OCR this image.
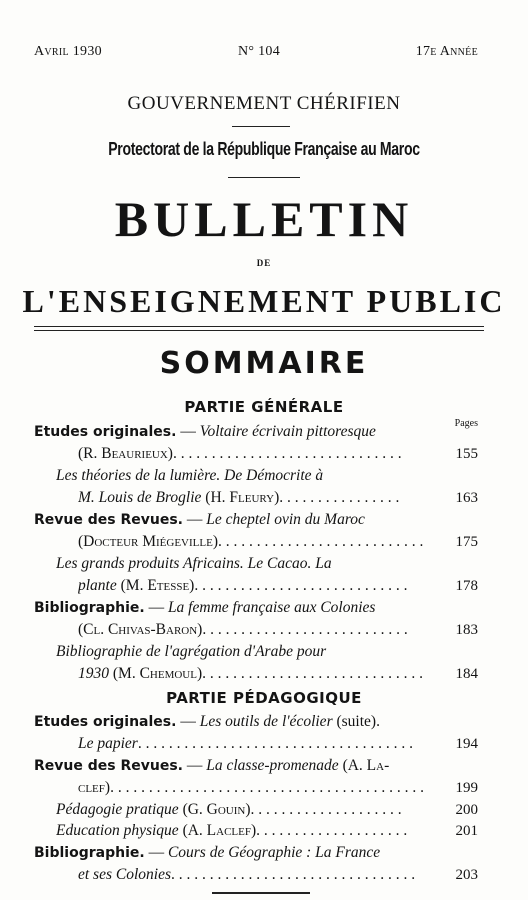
Avril 1930	N° 104	17e Année
GOUVERNEMENT CHÉRIFIEN
Protectorat de la République Française au Maroc
BULLETIN
DE
L'ENSEIGNEMENT PUBLIC
SOMMAIRE
PARTIE GÉNÉRALE
Pages
Etudes originales. — Voltaire écrivain pittoresque
(R. Beaurieux). . . . . . . . . . . . . . . . . . . . . . . . . . . . . .	155
Les théories de la lumière. De Démocrite à
M. Louis de Broglie (H. Fleury). . . . . . . . . . . . . . . .	163
Revue des Revues. — Le cheptel ovin du Maroc
(Docteur Miégeville). . . . . . . . . . . . . . . . . . . . . . . . . . .	175
Les grands produits Africains. Le Cacao. La
plante (M. Etesse). . . . . . . . . . . . . . . . . . . . . . . . . . . .	178
Bibliographie. — La femme française aux Colonies
(Cl. Chivas-Baron). . . . . . . . . . . . . . . . . . . . . . . . . . .	183
Bibliographie de l'agrégation d'Arabe pour
1930 (M. Chemoul). . . . . . . . . . . . . . . . . . . . . . . . . . . . .	184
PARTIE PÉDAGOGIQUE
Etudes originales. — Les outils de l'écolier (suite).
Le papier. . . . . . . . . . . . . . . . . . . . . . . . . . . . . . . . . . . .	194
Revue des Revues. — La classe-promenade (A. La-
clef). . . . . . . . . . . . . . . . . . . . . . . . . . . . . . . . . . . . . . . . .	199
Pédagogie pratique (G. Gouin). . . . . . . . . . . . . . . . . . . .	200
Education physique (A. Laclef). . . . . . . . . . . . . . . . . . . .	201
Bibliographie. — Cours de Géographie : La France
et ses Colonies. . . . . . . . . . . . . . . . . . . . . . . . . . . . . . . .	203
